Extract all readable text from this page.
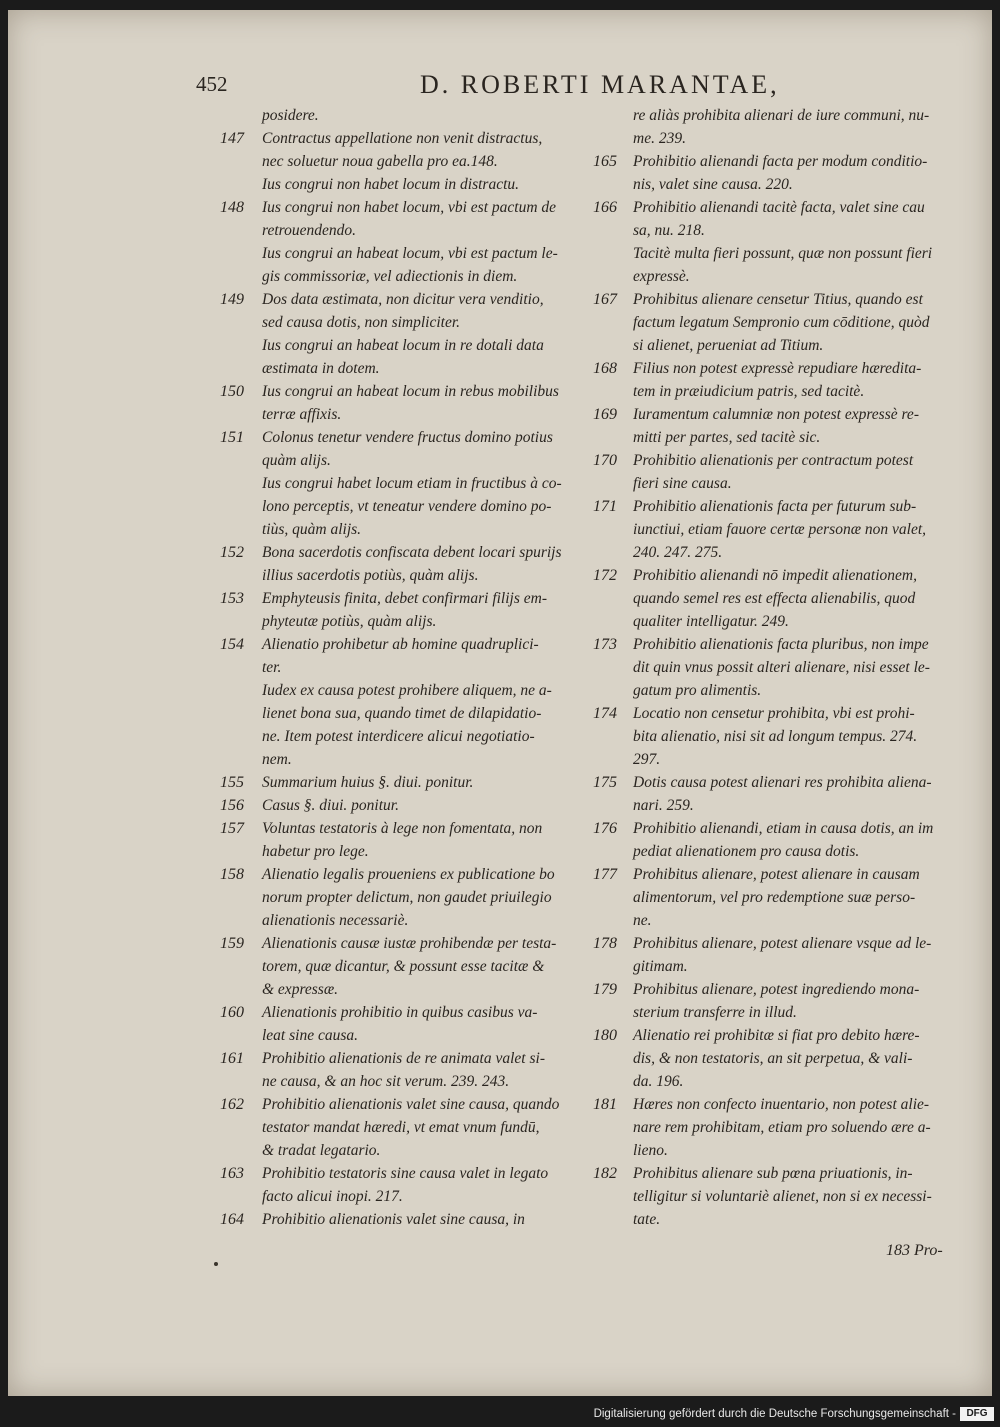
452	D. ROBERTI MARANTAE,
posidere.
147	Contractus appellatione non venit distractus,
nec soluetur noua gabella pro ea.148.
Ius congrui non habet locum in distractu.
148	Ius congrui non habet locum, vbi est pactum de
retrouendendo.
Ius congrui an habeat locum, vbi est pactum le-
gis commissoriæ, vel adiectionis in diem.
149	Dos data æstimata, non dicitur vera venditio,
sed causa dotis, non simpliciter.
Ius congrui an habeat locum in re dotali data
æstimata in dotem.
150	Ius congrui an habeat locum in rebus mobilibus
terræ affixis.
151	Colonus tenetur vendere fructus domino potius
quàm alijs.
Ius congrui habet locum etiam in fructibus à co-
lono perceptis, vt teneatur vendere domino po-
tiùs, quàm alijs.
152	Bona sacerdotis confiscata debent locari spurijs
illius sacerdotis potiùs, quàm alijs.
153	Emphyteusis finita, debet confirmari filijs em-
phyteutæ potiùs, quàm alijs.
154	Alienatio prohibetur ab homine quadruplici-
ter.
Iudex ex causa potest prohibere aliquem, ne a-
lienet bona sua, quando timet de dilapidatio-
ne. Item potest interdicere alicui negotiatio-
nem.
155	Summarium huius §. diui. ponitur.
156	Casus §. diui. ponitur.
157	Voluntas testatoris à lege non fomentata, non
habetur pro lege.
158	Alienatio legalis proueniens ex publicatione bo
norum propter delictum, non gaudet priuilegio
alienationis necessariè.
159	Alienationis causæ iustæ prohibendæ per testa-
torem, quæ dicantur, & possunt esse tacitæ &
& expressæ.
160	Alienationis prohibitio in quibus casibus va-
leat sine causa.
161	Prohibitio alienationis de re animata valet si-
ne causa, & an hoc sit verum. 239. 243.
162	Prohibitio alienationis valet sine causa, quando
testator mandat hæredi, vt emat vnum fundū,
& tradat legatario.
163	Prohibitio testatoris sine causa valet in legato
facto alicui inopi. 217.
164	Prohibitio alienationis valet sine causa, in
re aliàs prohibita alienari de iure communi, nu-
me. 239.
165	Prohibitio alienandi facta per modum conditio-
nis, valet sine causa. 220.
166	Prohibitio alienandi tacitè facta, valet sine cau
sa, nu. 218.
Tacitè multa fieri possunt, quæ non possunt fieri
expressè.
167	Prohibitus alienare censetur Titius, quando est
factum legatum Sempronio cum cōditione, quòd
si alienet, perueniat ad Titium.
168	Filius non potest expressè repudiare hæredita-
tem in præiudicium patris, sed tacitè.
169	Iuramentum calumniæ non potest expressè re-
mitti per partes, sed tacitè sic.
170	Prohibitio alienationis per contractum potest
fieri sine causa.
171	Prohibitio alienationis facta per futurum sub-
iunctiui, etiam fauore certæ personæ non valet,
240. 247. 275.
172	Prohibitio alienandi nō impedit alienationem,
quando semel res est effecta alienabilis, quod
qualiter intelligatur. 249.
173	Prohibitio alienationis facta pluribus, non impe
dit quin vnus possit alteri alienare, nisi esset le-
gatum pro alimentis.
174	Locatio non censetur prohibita, vbi est prohi-
bita alienatio, nisi sit ad longum tempus. 274.
297.
175	Dotis causa potest alienari res prohibita aliena-
nari. 259.
176	Prohibitio alienandi, etiam in causa dotis, an im
pediat alienationem pro causa dotis.
177	Prohibitus alienare, potest alienare in causam
alimentorum, vel pro redemptione suæ perso-
ne.
178	Prohibitus alienare, potest alienare vsque ad le-
gitimam.
179	Prohibitus alienare, potest ingrediendo mona-
sterium transferre in illud.
180	Alienatio rei prohibitæ si fiat pro debito hære-
dis, & non testatoris, an sit perpetua, & vali-
da. 196.
181	Hæres non confecto inuentario, non potest alie-
nare rem prohibitam, etiam pro soluendo ære a-
lieno.
182	Prohibitus alienare sub pœna priuationis, in-
telligitur si voluntariè alienet, non si ex necessi-
tate.
183 Pro-
Digitalisierung gefördert durch die Deutsche Forschungsgemeinschaft -	DFG
